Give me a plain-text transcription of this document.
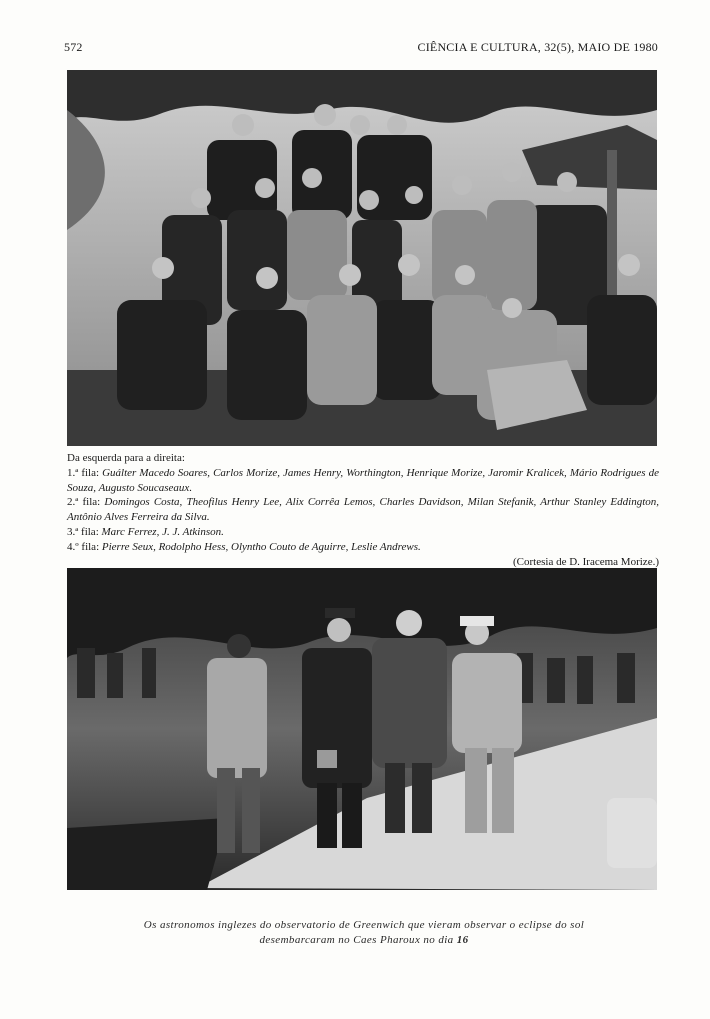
572	CIÊNCIA E CULTURA, 32(5), MAIO DE 1980

Da esquerda para a direita:

1.ª fila: Guálter Macedo Soares, Carlos Morize, James Henry, Worthington, Henrique Morize, Jaromir Kralicek, Mário Rodrigues de Souza, Augusto Soucaseaux.

2.ª fila: Domingos Costa, Theofilus Henry Lee, Alix Corrêa Lemos, Charles Davidson, Milan Stefanik, Arthur Stanley Eddington, Antônio Alves Ferreira da Silva.

3.ª fila: Marc Ferrez, J. J. Atkinson.

4.º fila: Pierre Seux, Rodolpho Hess, Olyntho Couto de Aguirre, Leslie Andrews.

(Cortesia de D. Iracema Morize.)

Os astronomos inglezes do observatorio de Greenwich que vieram observar o eclipse do sol
desembarcaram no Caes Pharoux no dia 16
